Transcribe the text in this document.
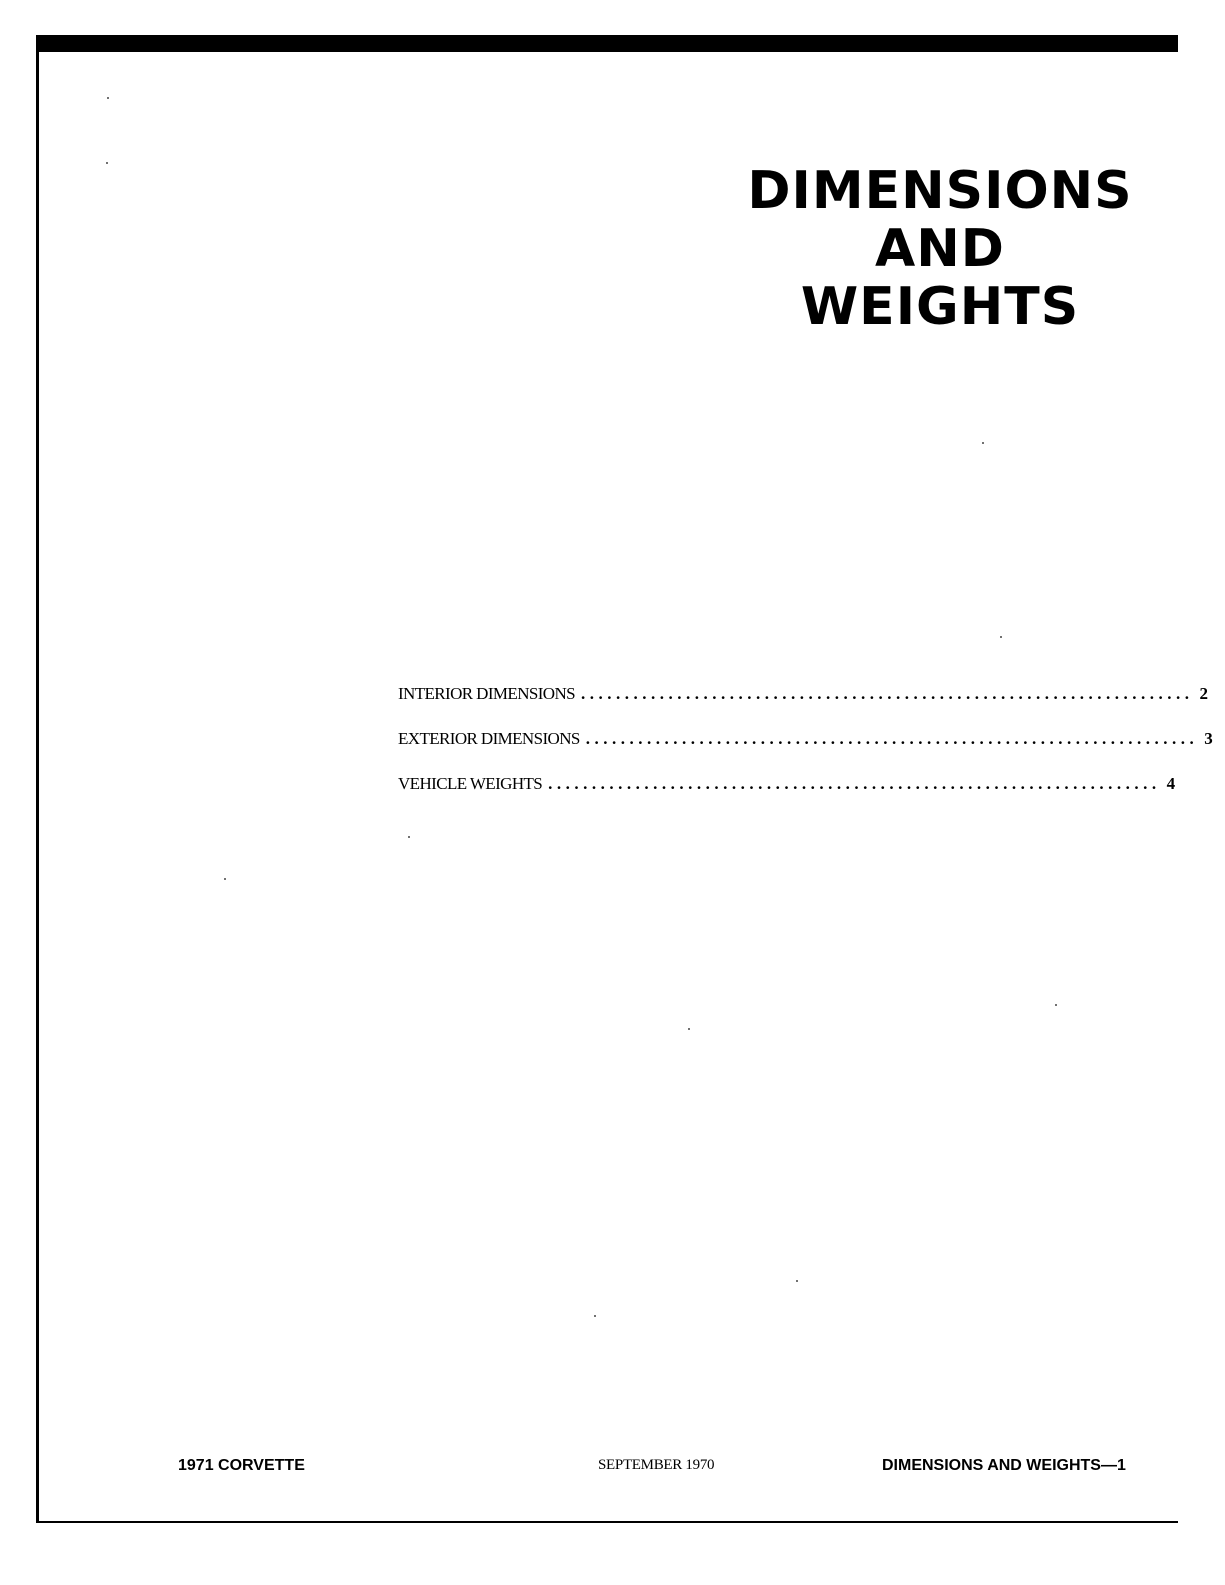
DIMENSIONS
AND
WEIGHTS
INTERIOR DIMENSIONS ...................................................................... 2
EXTERIOR DIMENSIONS ...................................................................... 3
VEHICLE WEIGHTS ...................................................................... 4
1971 CORVETTE	SEPTEMBER 1970	DIMENSIONS AND WEIGHTS—1
